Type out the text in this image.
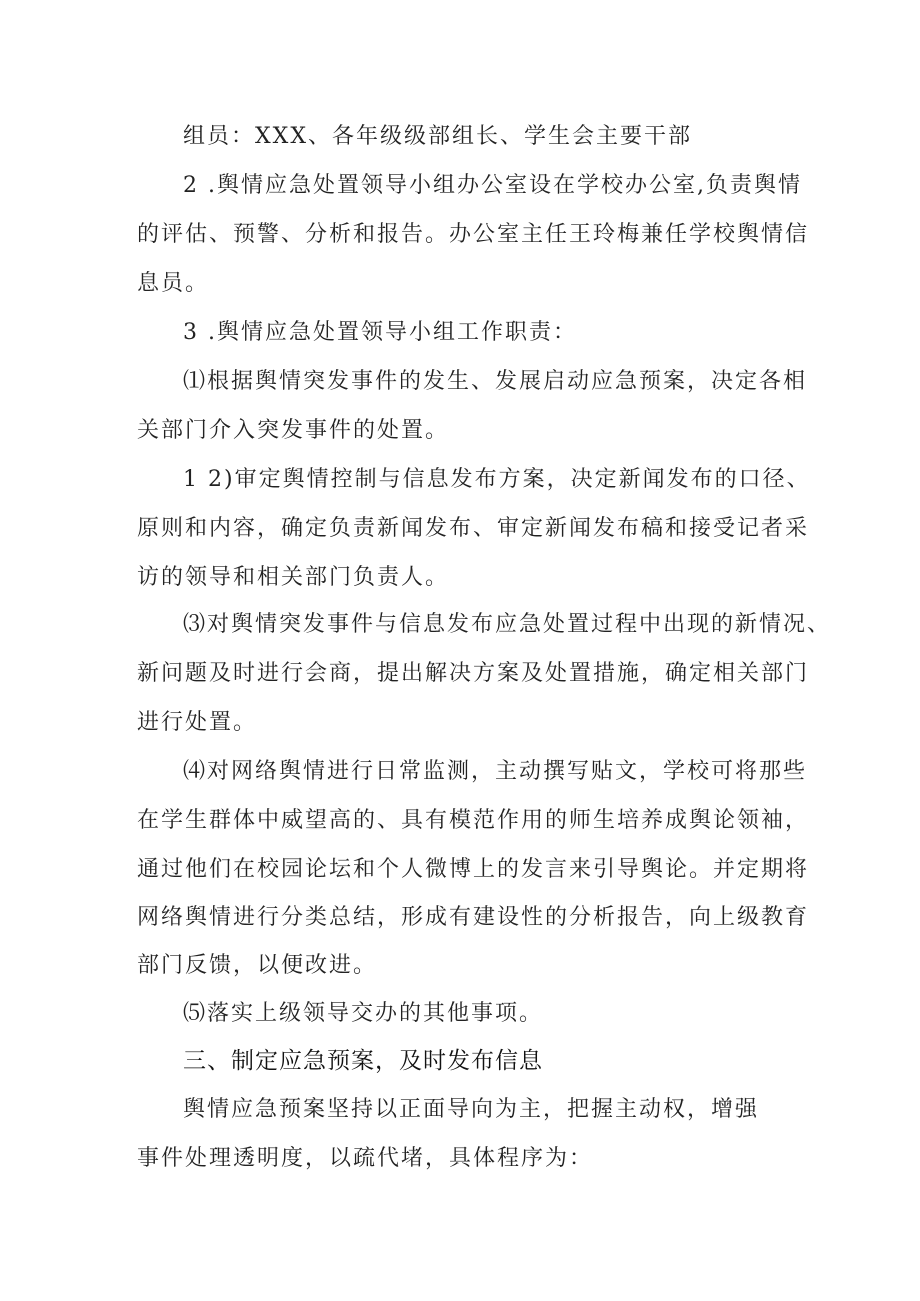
组员：XXX、各年级级部组长、学生会主要干部
2 .舆情应急处置领导小组办公室设在学校办公室,负责舆情
的评估、预警、分析和报告。办公室主任王玲梅兼任学校舆情信
息员。
3 .舆情应急处置领导小组工作职责：
⑴根据舆情突发事件的发生、发展启动应急预案，决定各相
关部门介入突发事件的处置。
1 2)审定舆情控制与信息发布方案，决定新闻发布的口径、
原则和内容，确定负责新闻发布、审定新闻发布稿和接受记者采
访的领导和相关部门负责人。
⑶对舆情突发事件与信息发布应急处置过程中出现的新情况、
新问题及时进行会商，提出解决方案及处置措施，确定相关部门
进行处置。
⑷对网络舆情进行日常监测，主动撰写贴文，学校可将那些
在学生群体中威望高的、具有模范作用的师生培养成舆论领袖，
通过他们在校园论坛和个人微博上的发言来引导舆论。并定期将
网络舆情进行分类总结，形成有建设性的分析报告，向上级教育
部门反馈，以便改进。
⑸落实上级领导交办的其他事项。
三、制定应急预案，及时发布信息
舆情应急预案坚持以正面导向为主，把握主动权，增强
事件处理透明度，以疏代堵，具体程序为：
